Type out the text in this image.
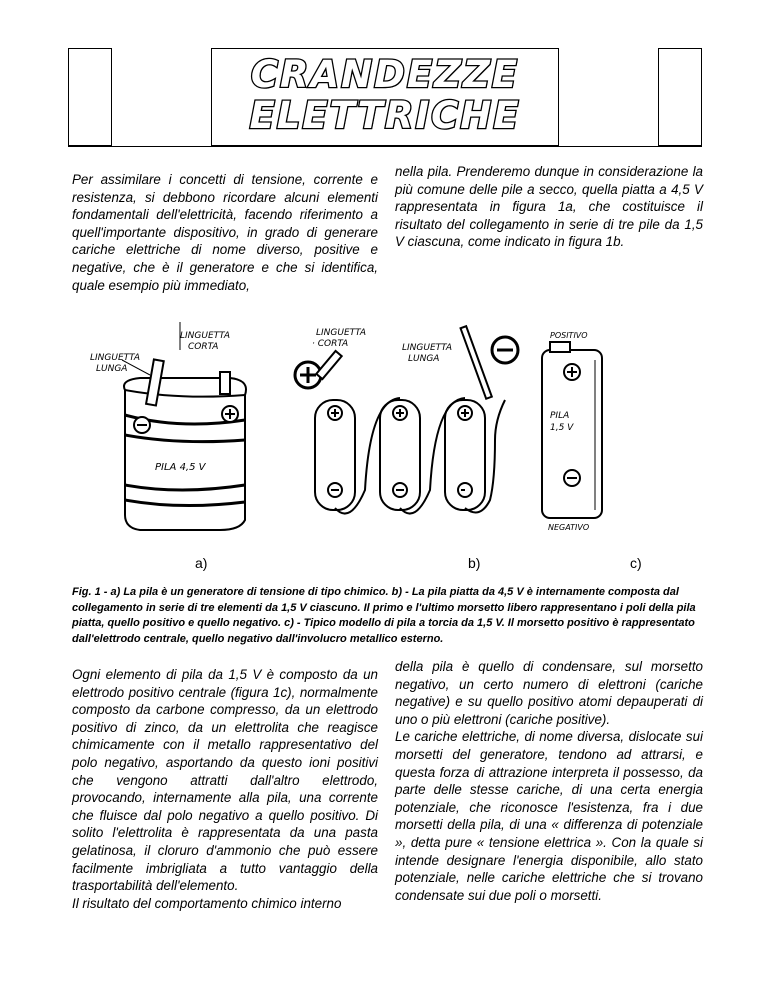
CRANDEZZE
ELETTRICHE

Per assimilare i concetti di tensione, corrente e resistenza, si debbono ricordare alcuni elementi fondamentali dell'elettricità, facendo riferimento a quell'importante dispositivo, in grado di generare cariche elettriche di nome diverso, positive e negative, che è il generatore e che si identifica, quale esempio più immediato,

nella pila. Prenderemo dunque in considerazione la più comune delle pile a secco, quella piatta a 4,5 V rappresentata in figura 1a, che costituisce il risultato del collegamento in serie di tre pile da 1,5 V ciascuna, come indicato in figura 1b.

LINGUETTA
CORTA
LINGUETTA
LUNGA
PILA 4,5 V
LINGUETTA
· CORTA	LINGUETTA
LUNGA
POSITIVO
PILA
1,5 V
NEGATIVO
a)	b)	c)

Fig. 1 - a) La pila è un generatore di tensione di tipo chimico. b) - La pila piatta da 4,5 V è internamente composta dal collegamento in serie di tre elementi da 1,5 V ciascuno. Il primo e l'ultimo morsetto libero rappresentano i poli della pila piatta, quello positivo e quello negativo. c) - Tipico modello di pila a torcia da 1,5 V. Il morsetto positivo è rappresentato dall'elettrodo centrale, quello negativo dall'involucro metallico esterno.

Ogni elemento di pila da 1,5 V è composto da un elettrodo positivo centrale (figura 1c), normalmente composto da carbone compresso, da un elettrodo positivo di zinco, da un elettrolita che reagisce chimicamente con il metallo rappresentativo del polo negativo, asportando da questo ioni positivi che vengono attratti dall'altro elettrodo, provocando, internamente alla pila, una corrente che fluisce dal polo negativo a quello positivo. Di solito l'elettrolita è rappresentata da una pasta gelatinosa, il cloruro d'ammonio che può essere facilmente imbrigliata a tutto vantaggio della trasportabilità dell'elemento.
Il risultato del comportamento chimico interno

della pila è quello di condensare, sul morsetto negativo, un certo numero di elettroni (cariche negative) e su quello positivo atomi depauperati di uno o più elettroni (cariche positive).
Le cariche elettriche, di nome diversa, dislocate sui morsetti del generatore, tendono ad attrarsi, e questa forza di attrazione interpreta il possesso, da parte delle stesse cariche, di una certa energia potenziale, che riconosce l'esistenza, fra i due morsetti della pila, di una « differenza di potenziale », detta pure « tensione elettrica ». Con la quale si intende designare l'energia disponibile, allo stato potenziale, nelle cariche elettriche che si trovano condensate sui due poli o morsetti.
